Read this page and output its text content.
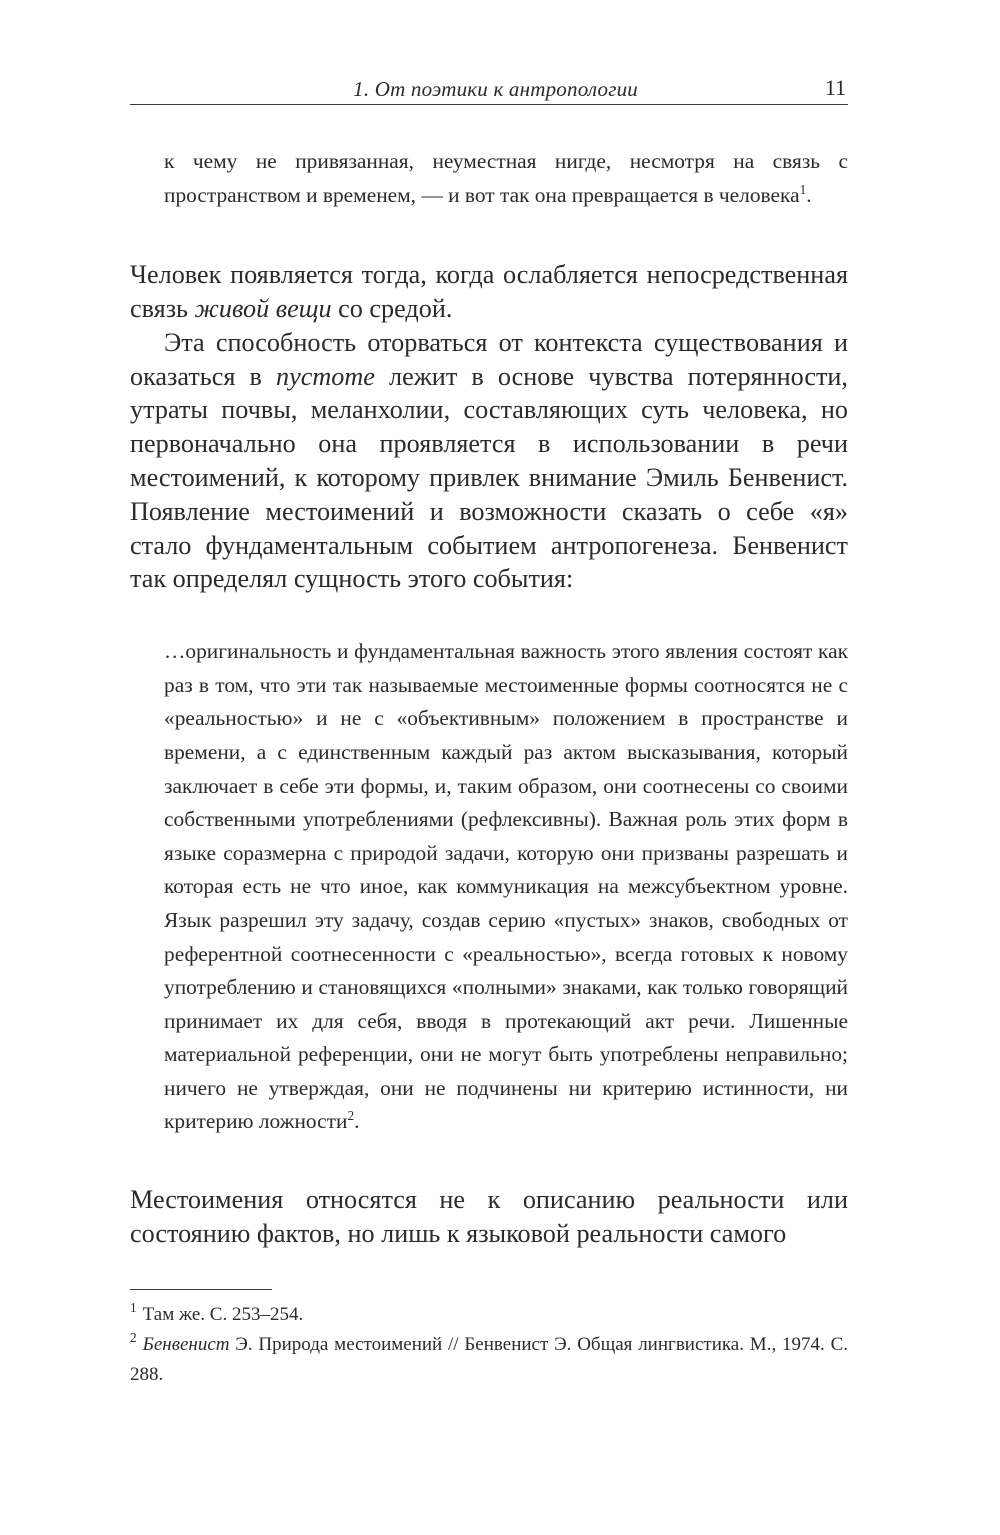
1. От поэтики к антропологии	11

к чему не привязанная, неуместная нигде, несмотря на связь с пространством и временем, — и вот так она превращается в человека$^1$.

Человек появляется тогда, когда ослабляется непосредственная связь живой вещи со средой.

Эта способность оторваться от контекста существования и оказаться в пустоте лежит в основе чувства потерянности, утраты почвы, меланхолии, составляющих суть человека, но первоначально она проявляется в использовании в речи местоимений, к которому привлек внимание Эмиль Бенвенист. Появление местоимений и возможности сказать о себе «я» стало фундаментальным событием антропогенеза. Бенвенист так определял сущность этого события:

…оригинальность и фундаментальная важность этого явления состоят как раз в том, что эти так называемые местоименные формы соотносятся не с «реальностью» и не с «объективным» положением в пространстве и времени, а с единственным каждый раз актом высказывания, который заключает в себе эти формы, и, таким образом, они соотнесены со своими собственными употреблениями (рефлексивны). Важная роль этих форм в языке соразмерна с природой задачи, которую они призваны разрешать и которая есть не что иное, как коммуникация на межсубъектном уровне. Язык разрешил эту задачу, создав серию «пустых» знаков, свободных от референтной соотнесенности с «реальностью», всегда готовых к новому употреблению и становящихся «полными» знаками, как только говорящий принимает их для себя, вводя в протекающий акт речи. Лишенные материальной референции, они не могут быть употреблены неправильно; ничего не утверждая, они не подчинены ни критерию истинности, ни критерию ложности$^2$.

Местоимения относятся не к описанию реальности или состоянию фактов, но лишь к языковой реальности самого

$^1$ Там же. С. 253–254.

$^2$ Бенвенист Э. Природа местоимений // Бенвенист Э. Общая лингвистика. М., 1974. С. 288.
